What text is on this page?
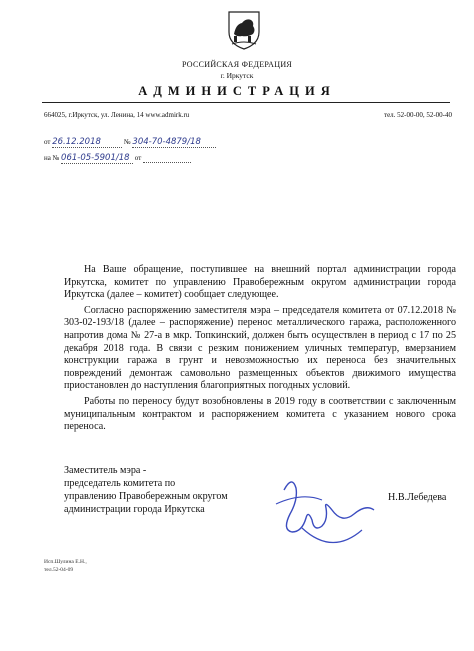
РОССИЙСКАЯ ФЕДЕРАЦИЯ
г. Иркутск
АДМИНИСТРАЦИЯ
664025, г.Иркутск, ул. Ленина, 14 www.admirk.ru	тел. 52-00-00, 52-00-40
от 26.12.2018	№ 304-70-4879/18
на № 061-05-5901/18 от

На Ваше обращение, поступившее на внешний портал администрации города Иркутска, комитет по управлению Правобережным округом администрации города Иркутска (далее – комитет) сообщает следующее.

Согласно распоряжению заместителя мэра – председателя комитета от 07.12.2018 № 303-02-193/18 (далее – распоряжение) перенос металлического гаража, расположенного напротив дома № 27-а в мкр. Топкинский, должен быть осуществлен в период с 17 по 25 декабря 2018 года. В связи с резким понижением уличных температур, вмерзанием конструкции гаража в грунт и невозможностью их переноса без значительных повреждений демонтаж самовольно размещенных объектов движимого имущества приостановлен до наступления благоприятных погодных условий.

Работы по переносу будут возобновлены в 2019 году в соответствии с заключенным муниципальным контрактом и распоряжением комитета с указанием нового срока переноса.

Заместитель мэра -
председатель комитета по
управлению Правобережным округом
администрации города Иркутска
Н.В.Лебедева
Исп.Шулина Е.Н.,
тел.52-04-09
